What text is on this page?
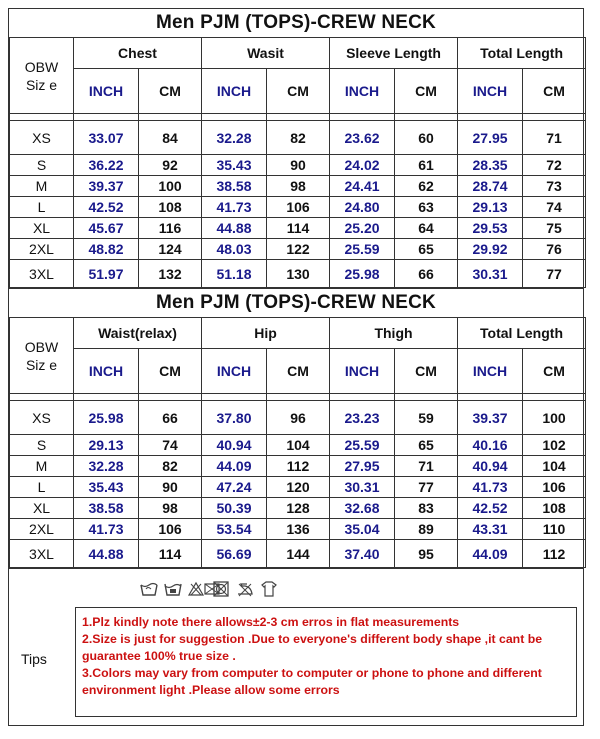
Men PJM (TOPS)-CREW NECK
OBW
Siz e	Chest		Wasit		Sleeve Length		Total Length	
	INCH	CM	INCH	CM	INCH	CM	INCH	CM

XS	33.07	84	32.28	82	23.62	60	27.95	71
S	36.22	92	35.43	90	24.02	61	28.35	72
M	39.37	100	38.58	98	24.41	62	28.74	73
L	42.52	108	41.73	106	24.80	63	29.13	74
XL	45.67	116	44.88	114	25.20	64	29.53	75
2XL	48.82	124	48.03	122	25.59	65	29.92	76
3XL	51.97	132	51.18	130	25.98	66	30.31	77
Men PJM (TOPS)-CREW NECK
OBW
Siz e	Waist(relax)		Hip		Thigh		Total Length	
	INCH	CM	INCH	CM	INCH	CM	INCH	CM

XS	25.98	66	37.80	96	23.23	59	39.37	100
S	29.13	74	40.94	104	25.59	65	40.16	102
M	32.28	82	44.09	112	27.95	71	40.94	104
L	35.43	90	47.24	120	30.31	77	41.73	106
XL	38.58	98	50.39	128	32.68	83	42.52	108
2XL	41.73	106	53.54	136	35.04	89	43.31	110
3XL	44.88	114	56.69	144	37.40	95	44.09	112
Tips

1.Plz kindly note there allows±2-3 cm erros in flat measurements

2.Size is just for suggestion .Due to everyone's different body shape ,it cant be guarantee 100% true size .

3.Colors may vary from computer to computer or phone to phone and different environment light .Please allow some errors
